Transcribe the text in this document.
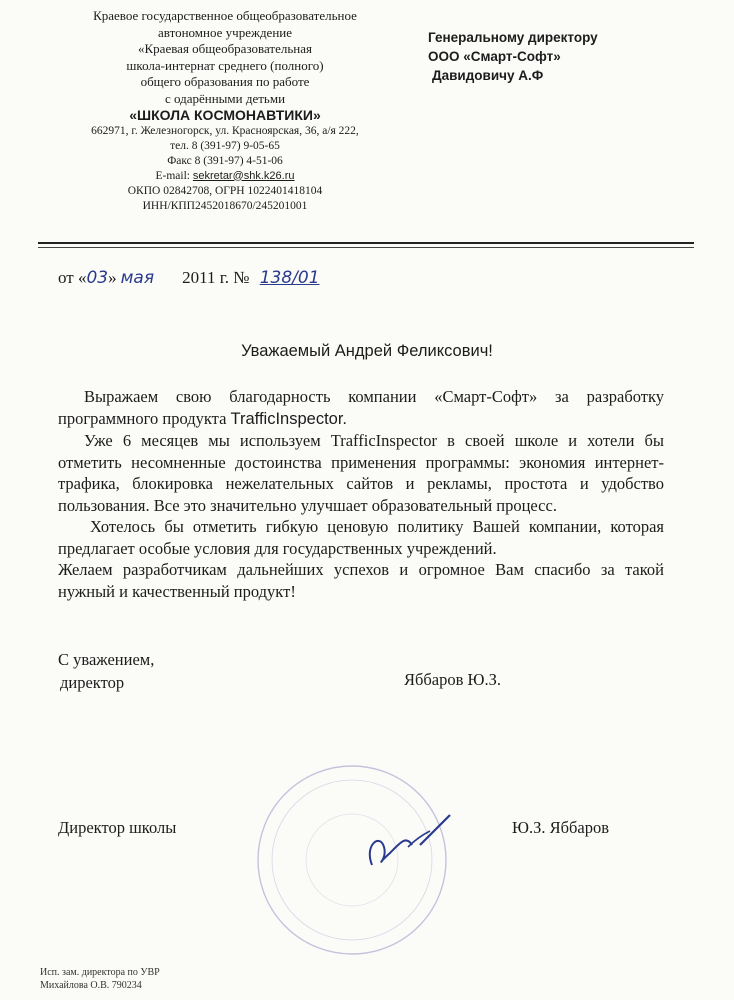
Краевое государственное общеобразовательное
автономное учреждение
«Краевая общеобразовательная
школа-интернат среднего (полного)
общего образования по работе
с одарёнными детьми
«ШКОЛА КОСМОНАВТИКИ»
662971, г. Железногорск, ул. Красноярская, 36, а/я 222,
тел. 8 (391-97) 9-05-65
Факс 8 (391-97) 4-51-06
E-mail: sekretar@shk.k26.ru
ОКПО 02842708, ОГРН 1022401418104
ИНН/КПП2452018670/245201001
Генеральному директору
ООО «Смарт-Софт»
Давидовичу А.Ф
от «03» мая 2011 г. № 138/01
Уважаемый Андрей Феликсович!

Выражаем свою благодарность компании «Смарт-Софт» за разработку программного продукта TrafficInspector.

Уже 6 месяцев мы используем TrafficInspector в своей школе и хотели бы отметить несомненные достоинства применения программы: экономия интернет-трафика, блокировка нежелательных сайтов и рекламы, простота и удобство пользования. Все это значительно улучшает образовательный процесс.

Хотелось бы отметить гибкую ценовую политику Вашей компании, которая предлагает особые условия для государственных учреждений.

Желаем разработчикам дальнейших успехов и огромное Вам спасибо за такой нужный и качественный продукт!

С уважением,
директор	Яббаров Ю.З.
Директор школы	Ю.З. Яббаров
Исп. зам. директора по УВР
Михайлова О.В. 790234
